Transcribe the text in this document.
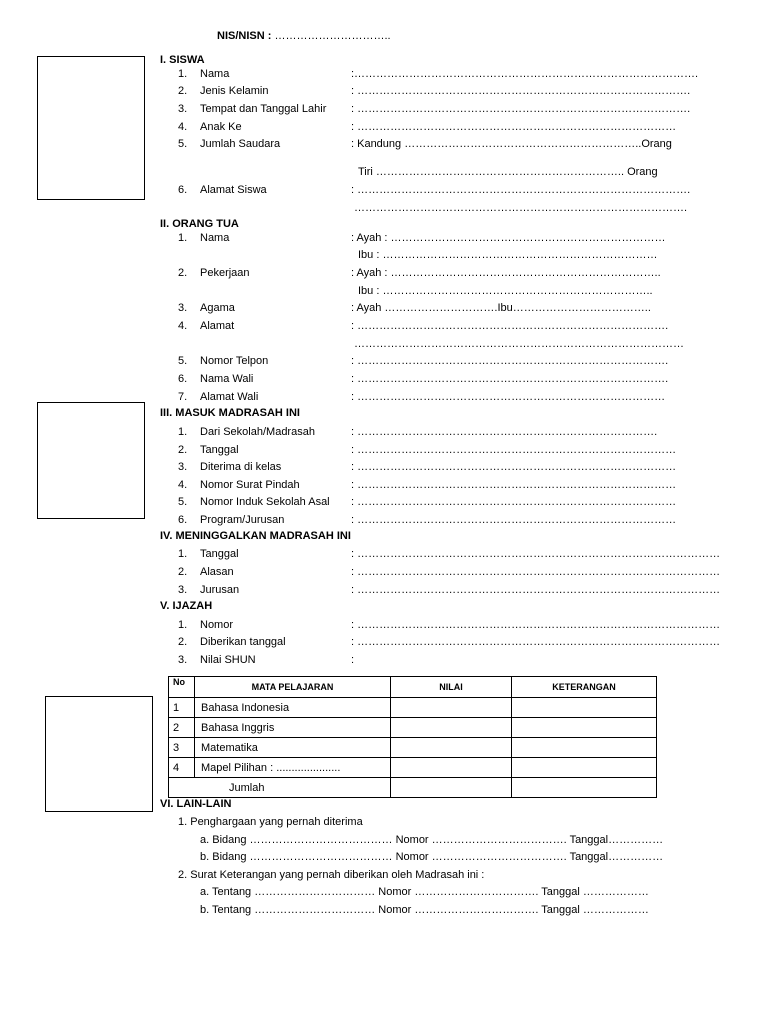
NIS/NISN : …………………………..
I. SISWA
1. Nama	:………………………………………………………………………………….
2. Jenis Kelamin	: ……………………………………………………………………………….
3. Tempat dan Tanggal Lahir : ……………………………………………………………………………….
4. Anak Ke	: ……………………………………………………………………………
5. Jumlah Saudara	: Kandung ………………………………………………………..Orang
Tiri ………………………………………………………….. Orang
6. Alamat Siswa	: ……………………………………………………………………………….
……………………………………………………………………………….
II. ORANG TUA
1. Nama	: Ayah : …………………………………………………………………
Ibu : …………………………………………………………………
2. Pekerjaan	: Ayah : ………………………………………………………………..
Ibu : ………………………………………………………………..
3. Agama	: Ayah ………………………….Ibu………………………………..
4. Alamat	: ………………………………………………………………………….
………………………………………………………………………………
5. Nomor Telpon	: ………………………………………………………………………….
6. Nama Wali	: ………………………………………………………………………….
7. Alamat Wali	: …………………………………………………………………………
III. MASUK MADRASAH INI
1. Dari Sekolah/Madrasah	: ……………………………………………………………………….
2. Tanggal	: ……………………………………………………………………………
3. Diterima di kelas	: ……………………………………………………………………………
4. Nomor Surat Pindah	: ……………………………………………………………………………
5. Nomor Induk Sekolah Asal : ……………………………………………………………………………
6. Program/Jurusan	: ……………………………………………………………………………
IV. MENINGGALKAN MADRASAH INI
1. Tanggal	: ………………………………………………………………………………………
2. Alasan	: ………………………………………………………………………………………
3. Jurusan	: ………………………………………………………………………………………
V. IJAZAH
1. Nomor	: ………………………………………………………………………………………
2. Diberikan tanggal	: ………………………………………………………………………………………
3. Nilai SHUN	:
No	MATA PELAJARAN	NILAI	KETERANGAN
1	Bahasa Indonesia		
2	Bahasa Inggris		
3	Matematika		
4	Mapel Pilihan : .....................		
Jumlah			
VI. LAIN-LAIN
1. Penghargaan yang pernah diterima
a. Bidang ………………………………… Nomor ………………………………. Tanggal……………
b. Bidang ………………………………… Nomor ………………………………. Tanggal……………
2. Surat Keterangan yang pernah diberikan oleh Madrasah ini :
a. Tentang …………………………… Nomor ……………………………. Tanggal ………………
b. Tentang …………………………… Nomor ……………………………. Tanggal ………………
